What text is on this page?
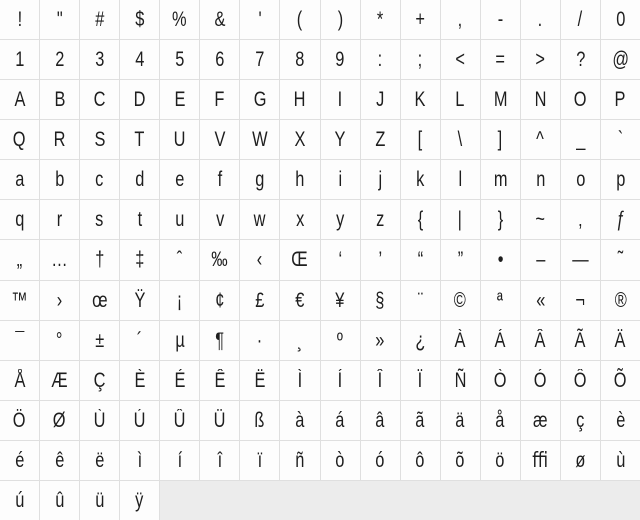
! " # $ % & ' ( ) * + , - . / 0
1 2 3 4 5 6 7 8 9 : ; < = > ? @
A B C D E F G H I J K L M N O P
Q R S T U V W X Y Z [ \ ] ^ _ `
a b c d e f g h i j k l m n o p
q r s t u v w x y z { | } ~ ‚ ƒ
„ … † ‡ ˆ ‰ ‹ Œ ‘ ’ “ ” • – — ˜
™ › œ Ÿ ¡ ¢ £ € ¥ § ¨ © ª « ¬ ®
¯ ° ± ´ µ ¶ · ¸ º » ¿ À Á Â Ã Ä
Å Æ Ç È É Ê Ë Ì Í Î Ï Ñ Ò Ó Ô Õ
Ö Ø Ù Ú Û Ü ß à á â ã ä å æ ç è
é ê ë ì í î ï ñ ò ó ô õ ö ﬃ ø ù
ú û ü ÿ
